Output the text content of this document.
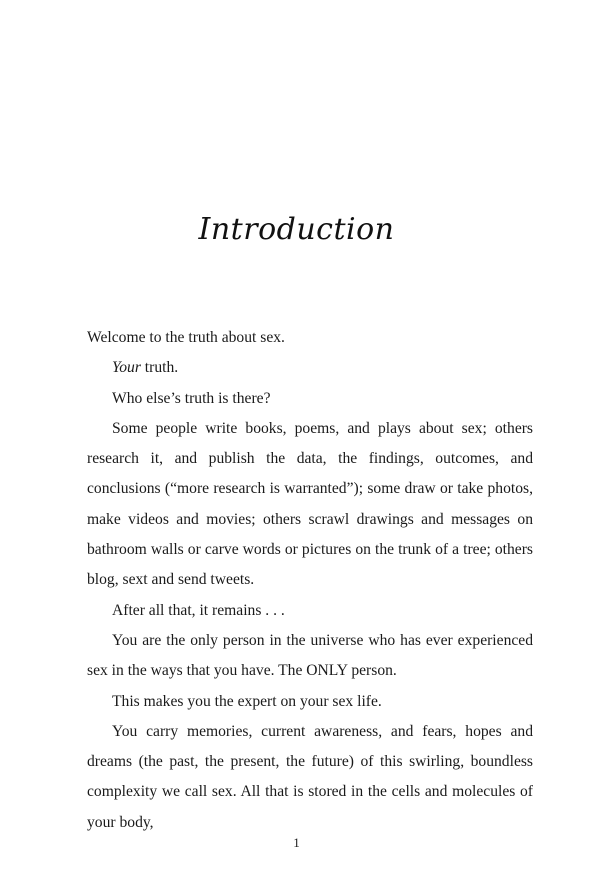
Introduction

Welcome to the truth about sex.

Your truth.

Who else’s truth is there?

Some people write books, poems, and plays about sex; others research it, and publish the data, the findings, outcomes, and conclusions (“more research is warranted”); some draw or take photos, make videos and movies; others scrawl drawings and messages on bathroom walls or carve words or pictures on the trunk of a tree; others blog, sext and send tweets.

After all that, it remains . . .

You are the only person in the universe who has ever experienced sex in the ways that you have. The ONLY person.

This makes you the expert on your sex life.

You carry memories, current awareness, and fears, hopes and dreams (the past, the present, the future) of this swirling, boundless complexity we call sex. All that is stored in the cells and molecules of your body,

1
